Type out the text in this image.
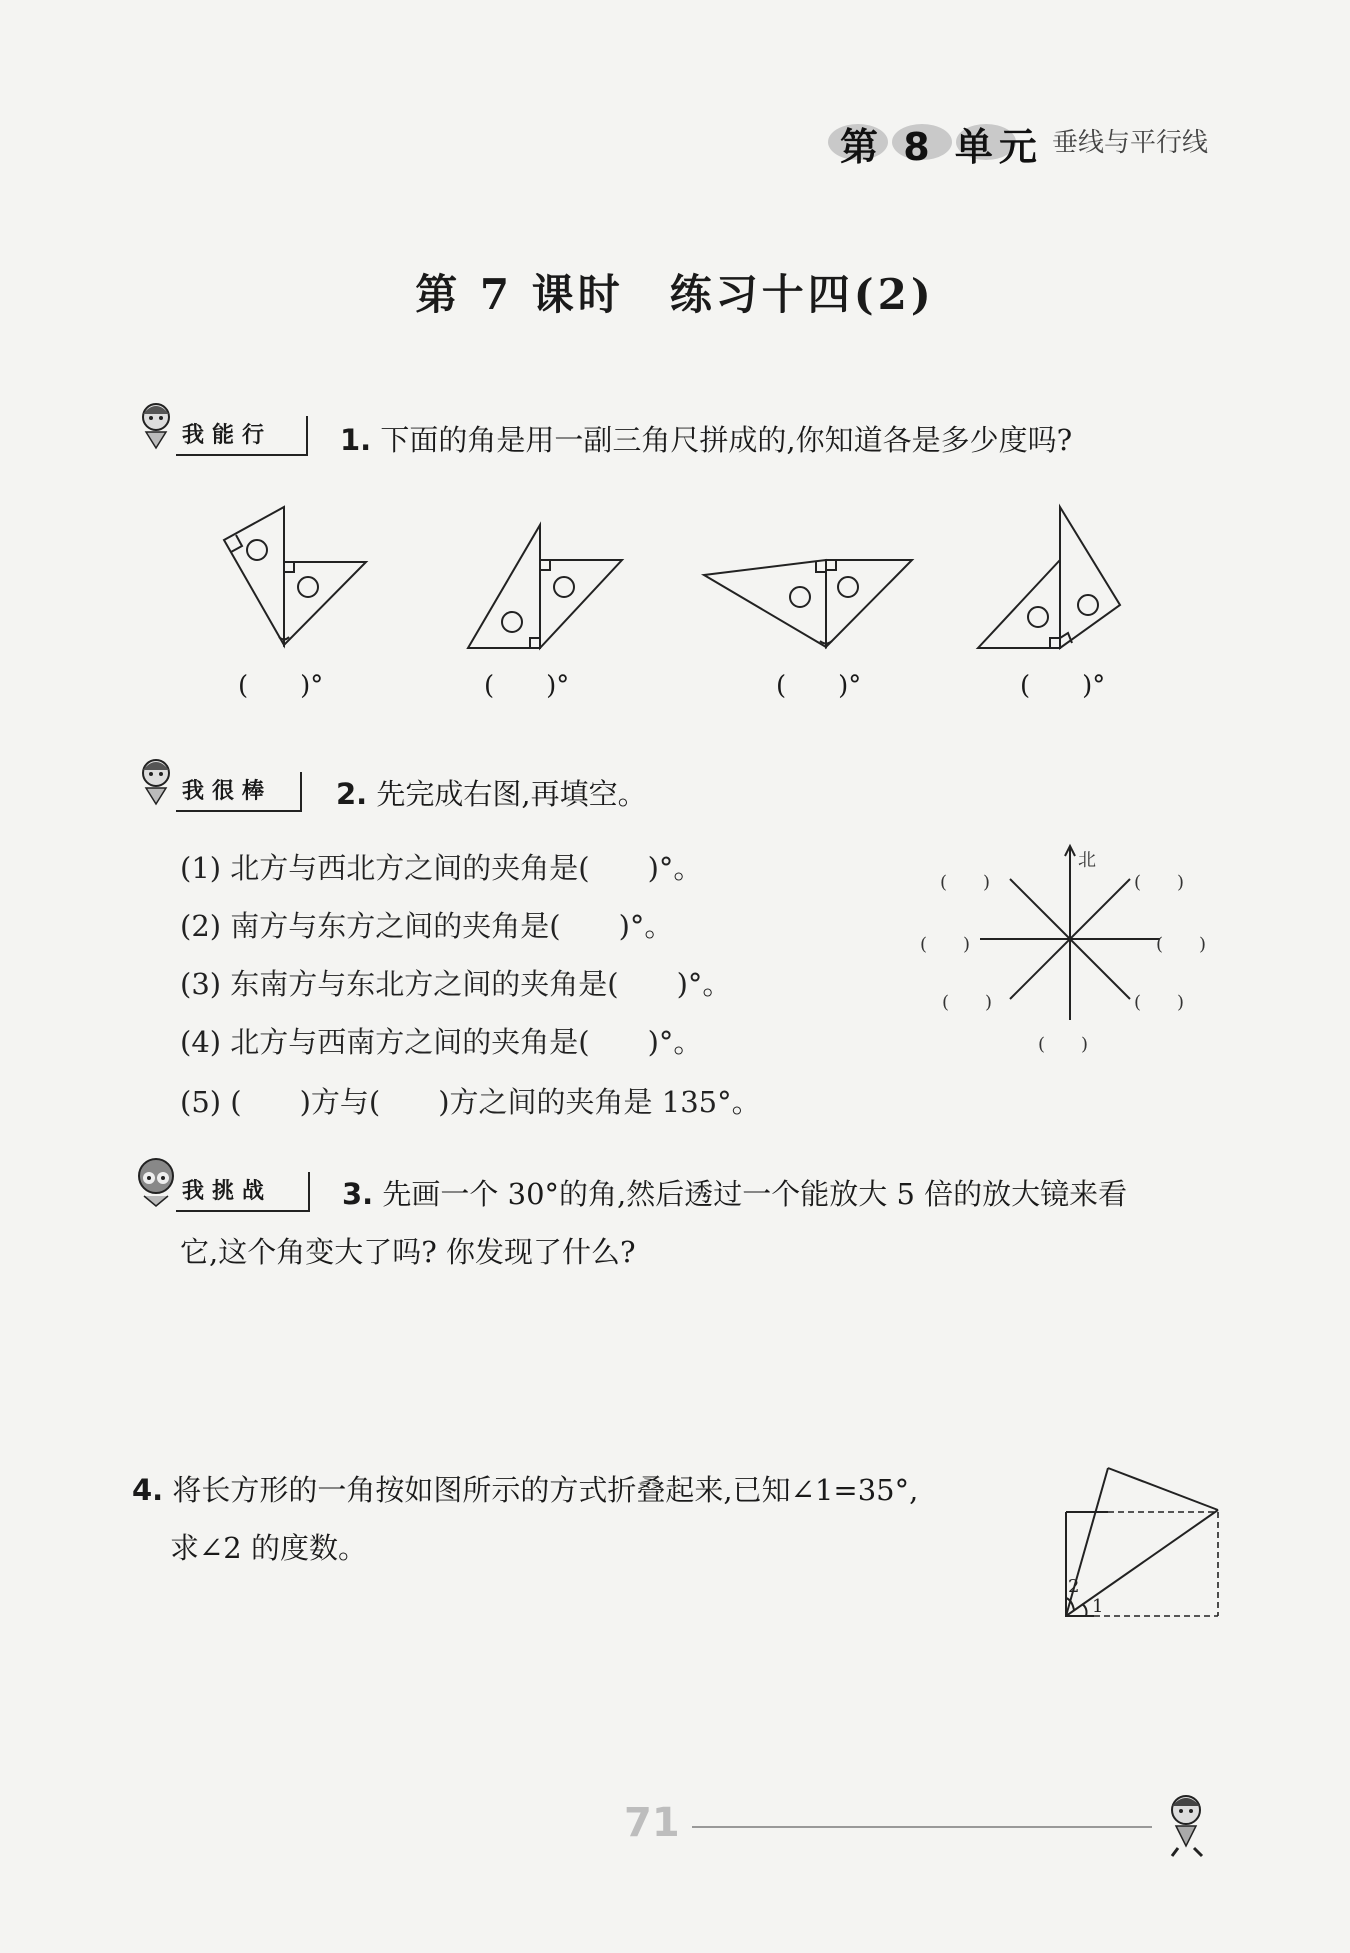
第 8 单元 垂线与平行线
第 7 课时　练习十四(2)
我能行 1. 下面的角是用一副三角尺拼成的,你知道各是多少度吗?
(　　)°	(　　)°	(　　)°	(　　)°
我很棒 2. 先完成右图,再填空。
(1) 北方与西北方之间的夹角是(　　)°。
(2) 南方与东方之间的夹角是(　　)°。
(3) 东南方与东北方之间的夹角是(　　)°。
(4) 北方与西南方之间的夹角是(　　)°。
(5) (　　)方与(　　)方之间的夹角是 135°。
北
(　　)	(　　)
(　　)	(　　)
(　　)	(　　)
(　　)
我挑战 3. 先画一个 30°的角,然后透过一个能放大 5 倍的放大镜来看
它,这个角变大了吗? 你发现了什么?
4. 将长方形的一角按如图所示的方式折叠起来,已知∠1=35°,
求∠2 的度数。
2
1
71
